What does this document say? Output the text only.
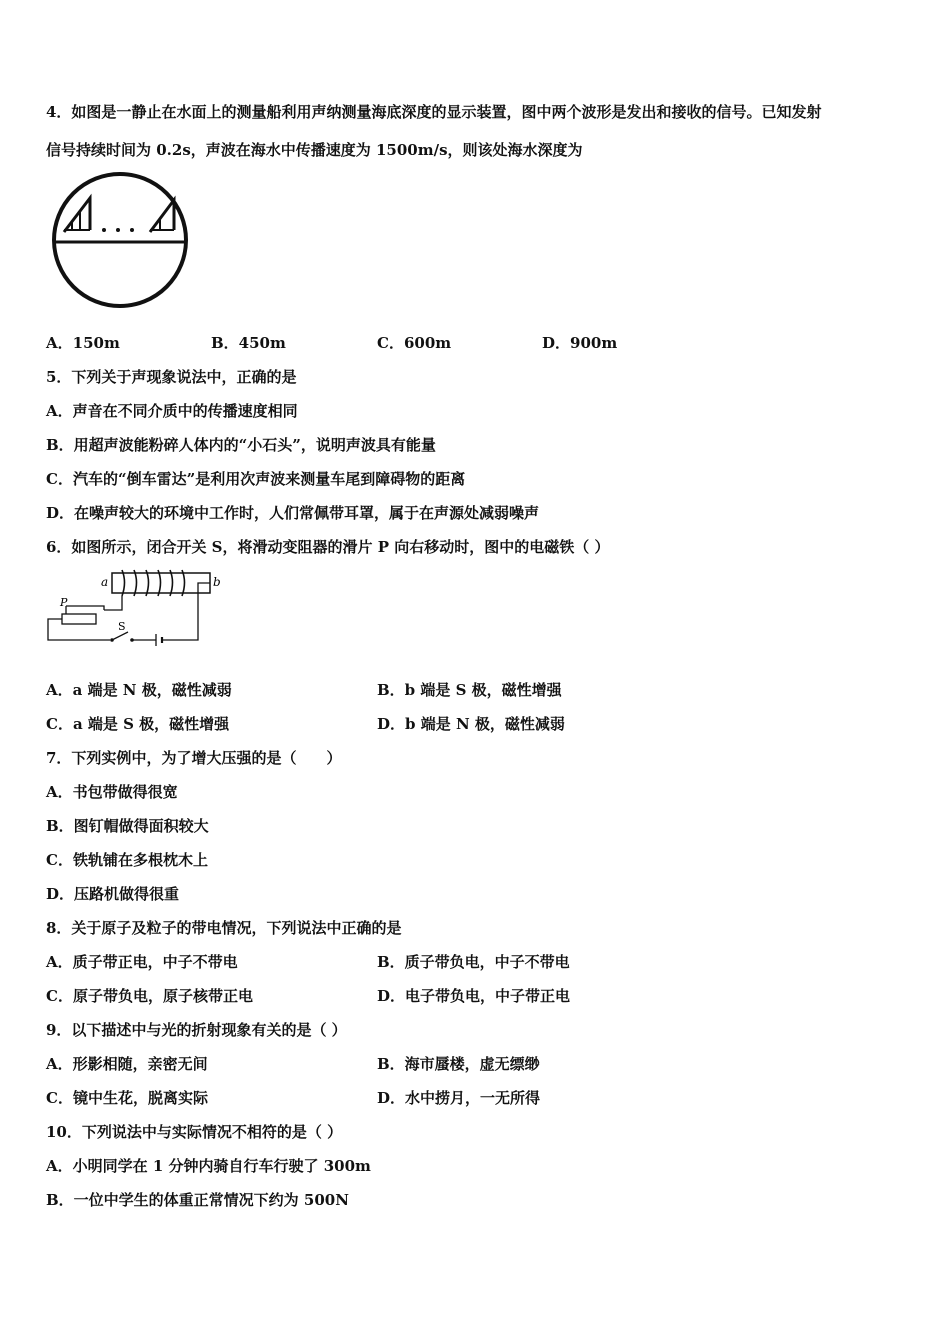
4．如图是一静止在水面上的测量船利用声纳测量海底深度的显示装置，图中两个波形是发出和接收的信号。已知发射
信号持续时间为 0.2s，声波在海水中传播速度为 1500m/s，则该处海水深度为
A．150m	B．450m	C．600m	D．900m
5．下列关于声现象说法中，正确的是
A．声音在不同介质中的传播速度相同
B．用超声波能粉碎人体内的“小石头”，说明声波具有能量
C．汽车的“倒车雷达”是利用次声波来测量车尾到障碍物的距离
D．在噪声较大的环境中工作时，人们常佩带耳罩，属于在声源处减弱噪声
6．如图所示，闭合开关 S，将滑动变阻器的滑片 P 向右移动时，图中的电磁铁（ ）
a	b
P
S
A．a 端是 N 极，磁性减弱	B．b 端是 S 极，磁性增强
C．a 端是 S 极，磁性增强	D．b 端是 N 极，磁性减弱
7．下列实例中，为了增大压强的是（　　）
A．书包带做得很宽
B．图钉帽做得面积较大
C．铁轨铺在多根枕木上
D．压路机做得很重
8．关于原子及粒子的带电情况，下列说法中正确的是
A．质子带正电，中子不带电	B．质子带负电，中子不带电
C．原子带负电，原子核带正电	D．电子带负电，中子带正电
9．以下描述中与光的折射现象有关的是（ ）
A．形影相随，亲密无间	B．海市蜃楼，虚无缥缈
C．镜中生花，脱离实际	D．水中捞月，一无所得
10．下列说法中与实际情况不相符的是（ ）
A．小明同学在 1 分钟内骑自行车行驶了 300m
B．一位中学生的体重正常情况下约为 500N
